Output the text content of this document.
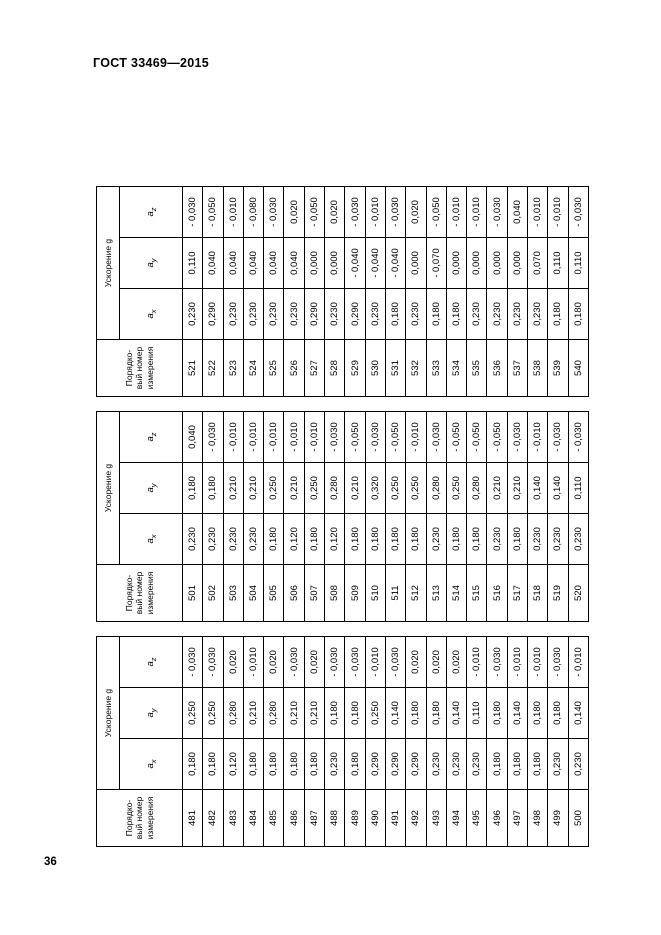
ГОСТ 33469—2015
Порядко-
вый номер
измерения	Ускорение g		
	$a_x$	$a_y$	$a_z$
481	0,180	0,250	- 0,030
482	0,180	0,250	- 0,030
483	0,120	0,280	0,020
484	0,180	0,210	- 0,010
485	0,180	0,280	0,020
486	0,180	0,210	- 0,030
487	0,180	0,210	0,020
488	0,230	0,180	- 0,030
489	0,180	0,180	- 0,030
490	0,290	0,250	- 0,010
491	0,290	0,140	- 0,030
492	0,290	0,180	0,020
493	0,230	0,180	0,020
494	0,230	0,140	0,020
495	0,230	0,110	- 0,010
496	0,180	0,180	- 0,030
497	0,180	0,140	- 0,010
498	0,180	0,180	- 0,010
499	0,230	0,180	- 0,030
500	0,230	0,140	- 0,010
Порядко-
вый номер
измерения	Ускорение g		
	$a_x$	$a_y$	$a_z$
501	0,230	0,180	0,040
502	0,230	0,180	- 0,030
503	0,230	0,210	- 0,010
504	0,230	0,210	- 0,010
505	0,180	0,250	- 0,010
506	0,120	0,210	- 0,010
507	0,180	0,250	- 0,010
508	0,120	0,280	- 0,030
509	0,180	0,210	- 0,050
510	0,180	0,320	- 0,030
511	0,180	0,250	- 0,050
512	0,180	0,250	- 0,010
513	0,230	0,280	- 0,030
514	0,180	0,250	- 0,050
515	0,180	0,280	- 0,050
516	0,230	0,210	- 0,050
517	0,180	0,210	- 0,030
518	0,230	0,140	- 0,010
519	0,230	0,140	- 0,030
520	0,230	0,110	- 0,030
Порядко-
вый номер
измерения	Ускорение g		
	$a_x$	$a_y$	$a_z$
521	0,230	0,110	- 0,030
522	0,290	0,040	- 0,050
523	0,230	0,040	- 0,010
524	0,230	0,040	- 0,080
525	0,230	0,040	- 0,030
526	0,230	0,040	0,020
527	0,290	0,000	- 0,050
528	0,230	0,000	0,020
529	0,290	- 0,040	- 0,030
530	0,230	- 0,040	- 0,010
531	0,180	- 0,040	- 0,030
532	0,230	0,000	0,020
533	0,180	- 0,070	- 0,050
534	0,180	0,000	- 0,010
535	0,230	0,000	- 0,010
536	0,230	0,000	- 0,030
537	0,230	0,000	0,040
538	0,230	0,070	- 0,010
539	0,180	0,110	- 0,010
540	0,180	0,110	- 0,030
36
